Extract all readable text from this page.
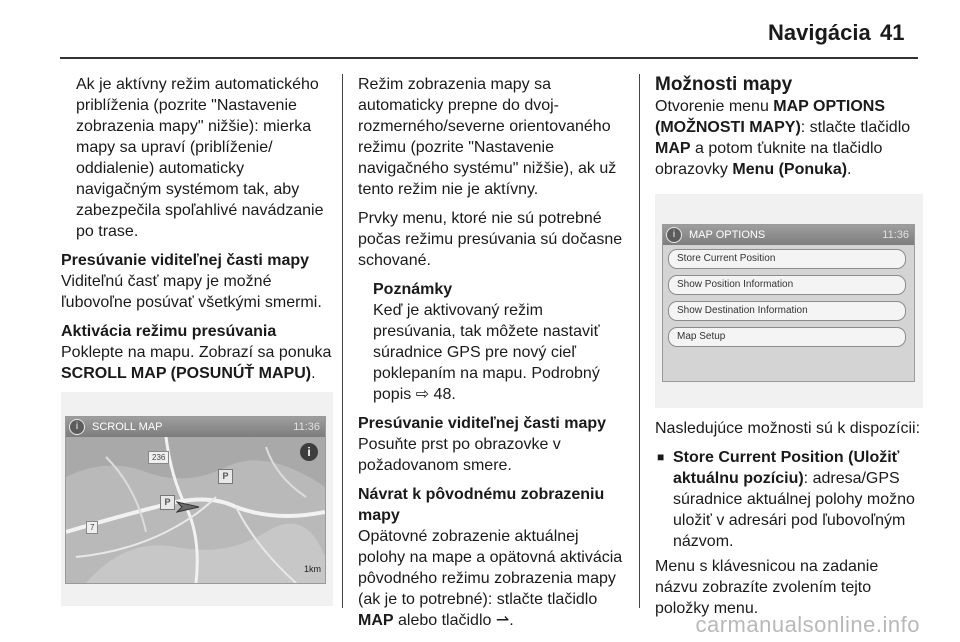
Navigácia 41

Ak je aktívny režim automatického priblíženia (pozrite "Nastavenie zobrazenia mapy" nižšie): mierka mapy sa upraví (priblíženie/ oddialenie) automaticky navigačným systémom tak, aby zabezpečila spoľahlivé navádzanie po trase.

Presúvanie viditeľnej časti mapy

Viditeľnú časť mapy je možné ľubovoľne posúvať všetkými smermi.

Aktivácia režimu presúvania

Poklepte na mapu. Zobrazí sa ponuka SCROLL MAP (POSUNÚŤ MAPU).

i	SCROLL MAP	11:36
236
P
P
7
i
1km

Režim zobrazenia mapy sa automaticky prepne do dvoj-rozmerného/severne orientovaného režimu (pozrite "Nastavenie navigačného systému" nižšie), ak už tento režim nie je aktívny.

Prvky menu, ktoré nie sú potrebné počas režimu presúvania sú dočasne schované.

Poznámky

Keď je aktivovaný režim presúvania, tak môžete nastaviť súradnice GPS pre nový cieľ poklepaním na mapu. Podrobný popis ⇨ 48.

Presúvanie viditeľnej časti mapy

Posuňte prst po obrazovke v požadovanom smere.

Návrat k pôvodnému zobrazeniu mapy

Opätovné zobrazenie aktuálnej polohy na mape a opätovná aktivácia pôvodného režimu zobrazenia mapy (ak je to potrebné): stlačte tlačidlo MAP alebo tlačidlo ⇀.

Možnosti mapy

Otvorenie menu MAP OPTIONS (MOŽNOSTI MAPY): stlačte tlačidlo MAP a potom ťuknite na tlačidlo obrazovky Menu (Ponuka).

i	MAP OPTIONS	11:36
Store Current Position
Show Position Information
Show Destination Information
Map Setup

Nasledujúce možnosti sú k dispozícii:

■ Store Current Position (Uložiť aktuálnu pozíciu): adresa/GPS súradnice aktuálnej polohy možno uložiť v adresári pod ľubovoľným názvom.

Menu s klávesnicou na zadanie názvu zobrazíte zvolením tejto položky menu.

carmanualsonline.info
